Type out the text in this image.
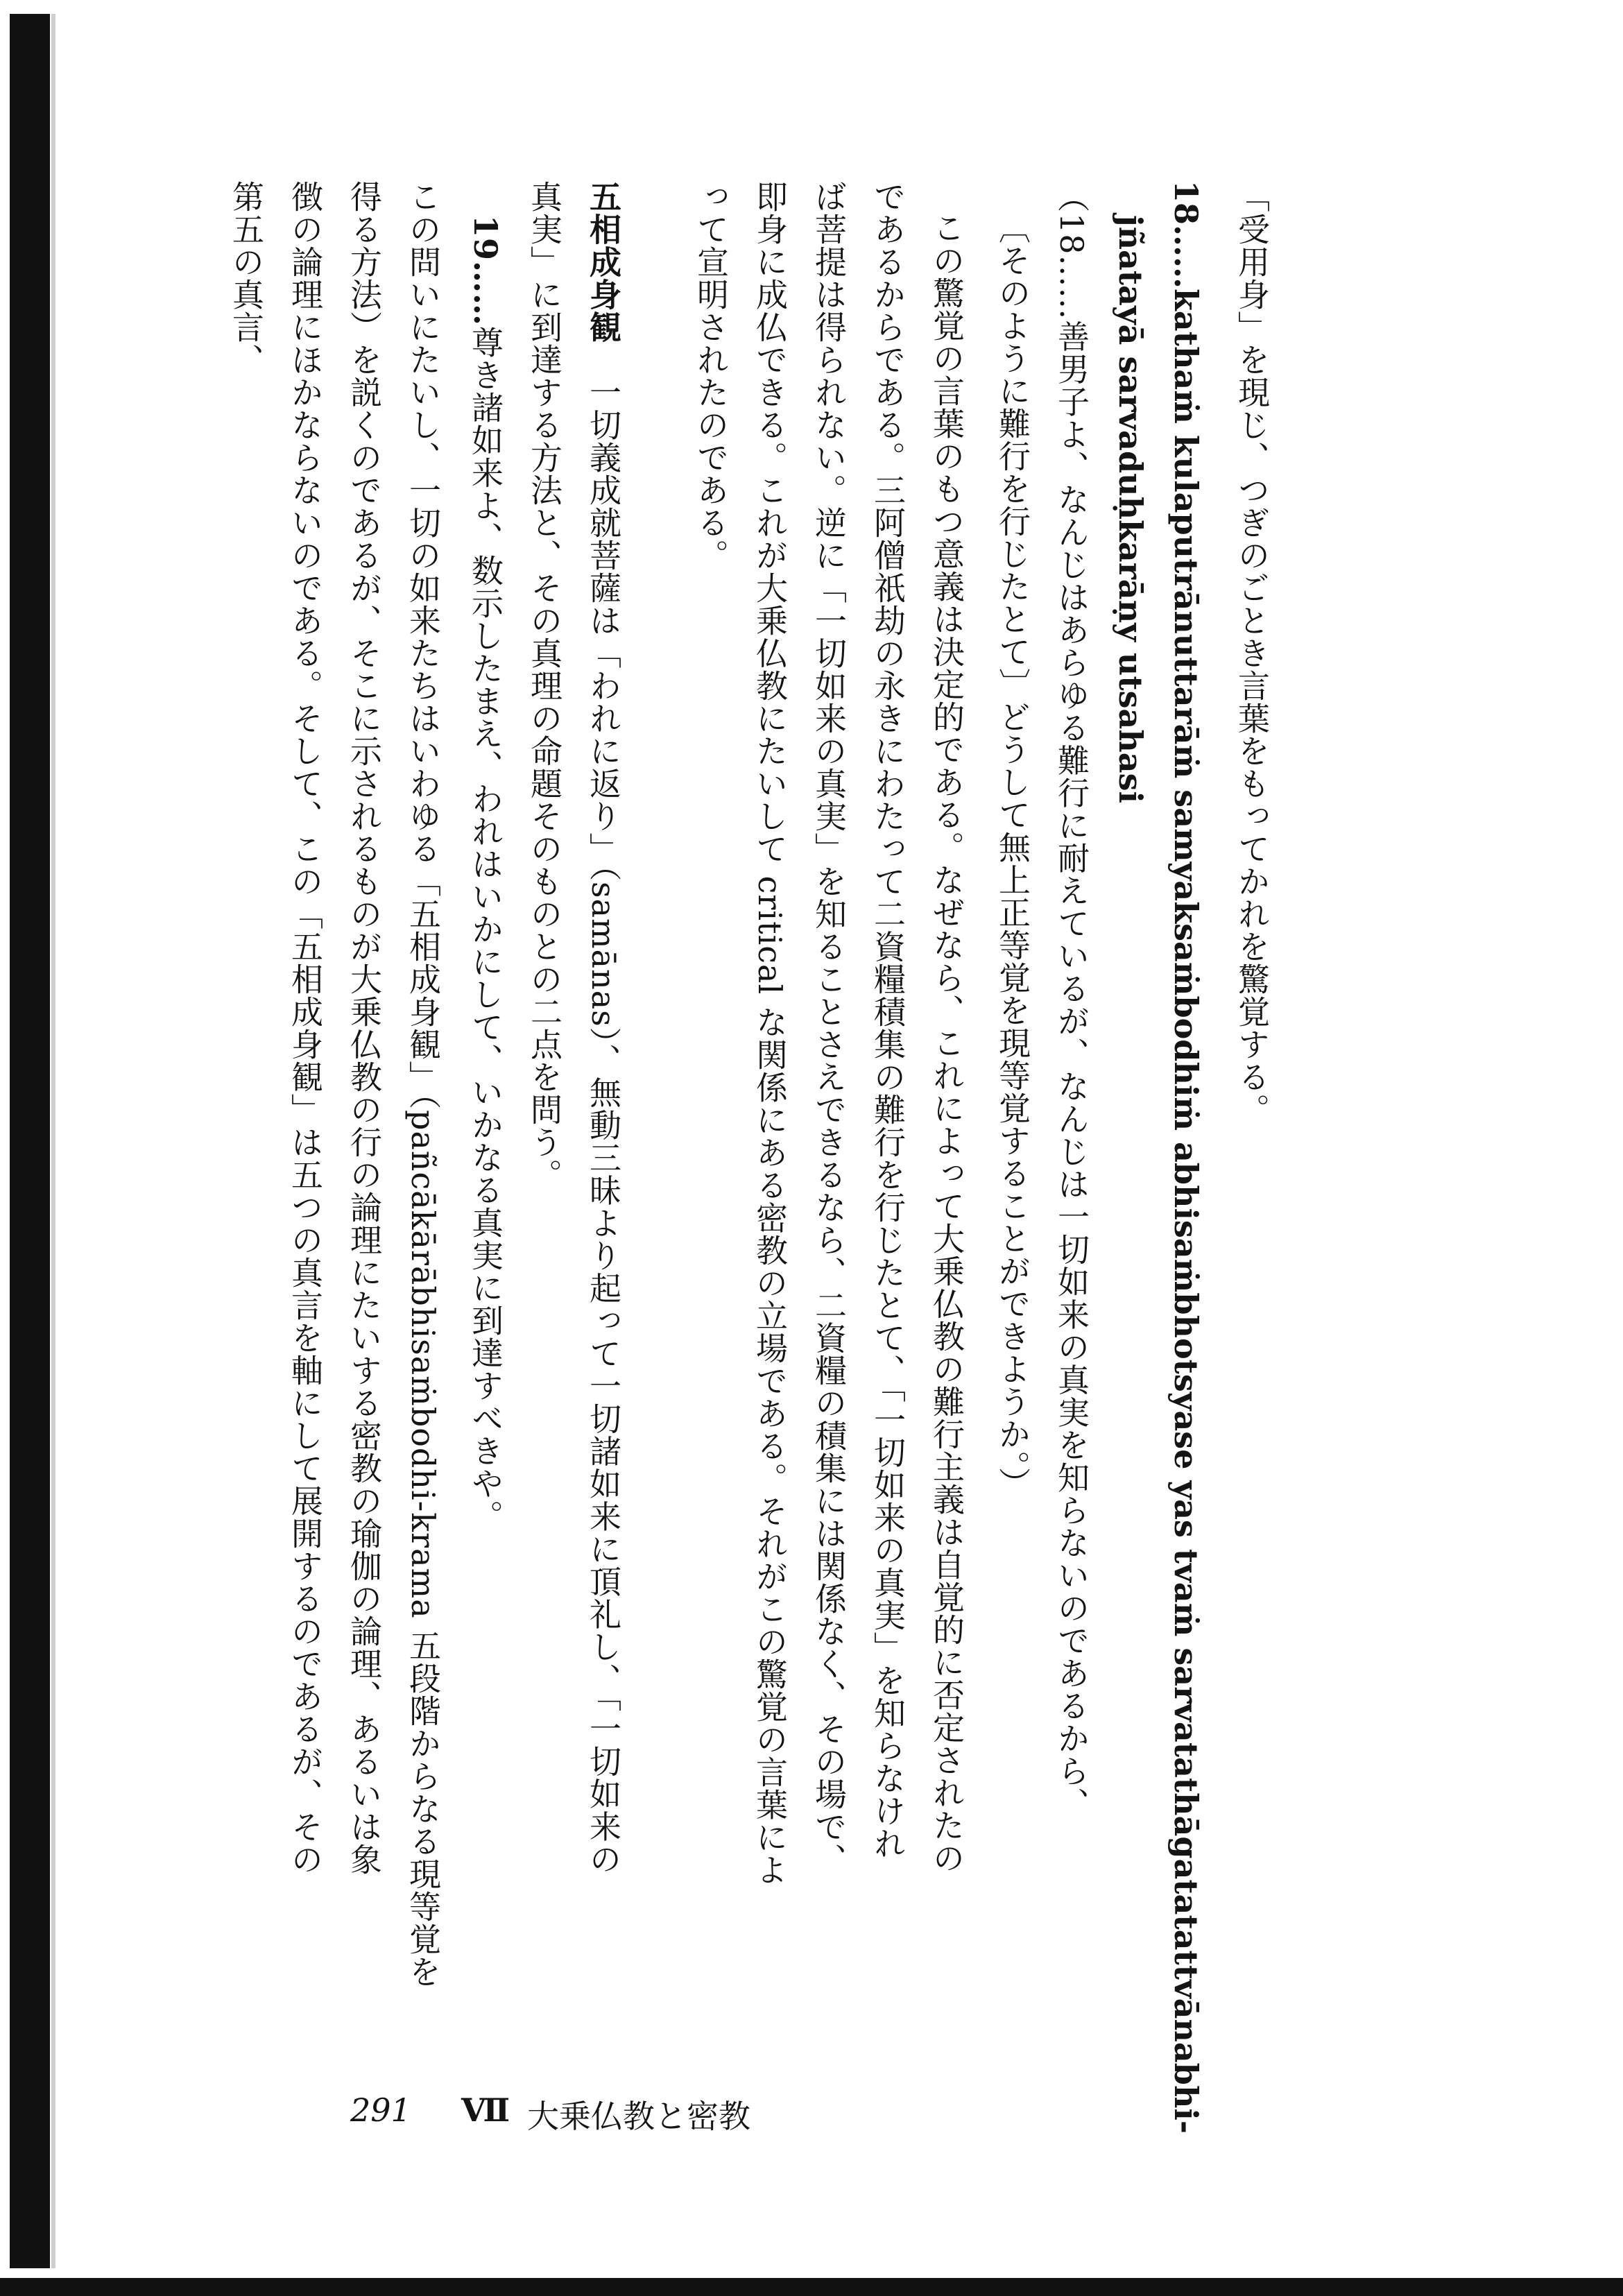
「受用身」を現じ、つぎのごとき言葉をもってかれを驚覚する。
18……kathaṁ kulaputrānuttarāṁ samyaksaṁbodhiṁ abhisaṁbhotsyase yas tvaṁ sarvatathāgatatattvānabhi-
jñatayā sarvaduḥkarāṇy utsahasi
（18……善男子よ、なんじはあらゆる難行に耐えているが、なんじは一切如来の真実を知らないのであるから、
〔そのように難行を行じたとて〕どうして無上正等覚を現等覚することができようか。）
この驚覚の言葉のもつ意義は決定的である。なぜなら、これによって大乗仏教の難行主義は自覚的に否定されたの
であるからである。三阿僧祇劫の永きにわたって二資糧積集の難行を行じたとて、「一切如来の真実」を知らなけれ
ば菩提は得られない。逆に「一切如来の真実」を知ることさえできるなら、二資糧の積集には関係なく、その場で、
即身に成仏できる。これが大乗仏教にたいして critical な関係にある密教の立場である。それがこの驚覚の言葉によ
って宣明されたのである。
五相成身観　一切義成就菩薩は「われに返り」（samānas）、無動三昧より起って一切諸如来に頂礼し、「一切如来の
真実」に到達する方法と、その真理の命題そのものとの二点を問う。
19……尊き諸如来よ、数示したまえ、われはいかにして、いかなる真実に到達すべきや。
この問いにたいし、一切の如来たちはいわゆる「五相成身観」（pañcākārābhisaṁbodhi-krama 五段階からなる現等覚を
得る方法）を説くのであるが、そこに示されるものが大乗仏教の行の論理にたいする密教の瑜伽の論理、あるいは象
徴の論理にほかならないのである。そして、この「五相成身観」は五つの真言を軸にして展開するのであるが、その
第五の真言、
291 Ⅶ 大乗仏教と密教
